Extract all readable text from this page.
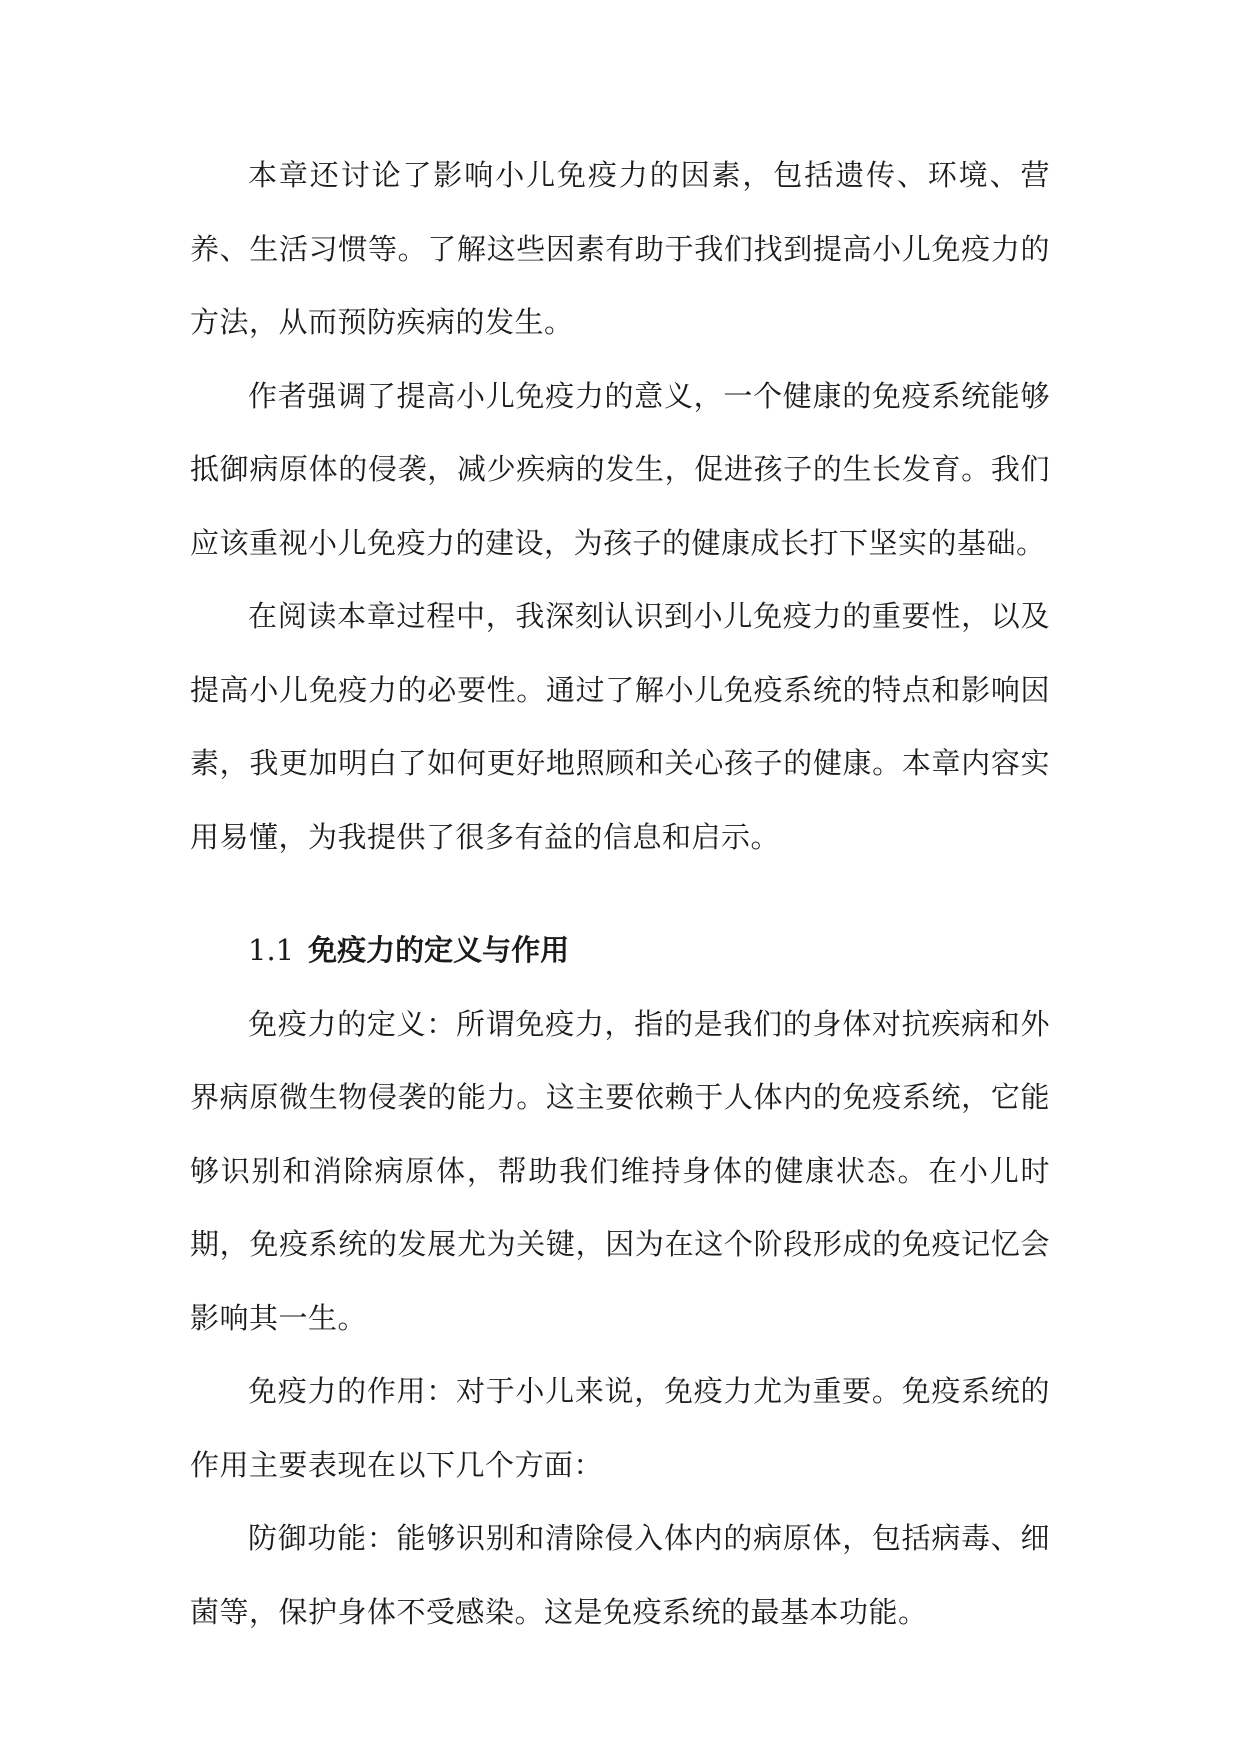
本章还讨论了影响小儿免疫力的因素，包括遗传、环境、营养、生活习惯等。了解这些因素有助于我们找到提高小儿免疫力的方法，从而预防疾病的发生。

作者强调了提高小儿免疫力的意义，一个健康的免疫系统能够抵御病原体的侵袭，减少疾病的发生，促进孩子的生长发育。我们应该重视小儿免疫力的建设，为孩子的健康成长打下坚实的基础。

在阅读本章过程中，我深刻认识到小儿免疫力的重要性，以及提高小儿免疫力的必要性。通过了解小儿免疫系统的特点和影响因素，我更加明白了如何更好地照顾和关心孩子的健康。本章内容实用易懂，为我提供了很多有益的信息和启示。

1.1 免疫力的定义与作用

免疫力的定义：所谓免疫力，指的是我们的身体对抗疾病和外界病原微生物侵袭的能力。这主要依赖于人体内的免疫系统，它能够识别和消除病原体，帮助我们维持身体的健康状态。在小儿时期，免疫系统的发展尤为关键，因为在这个阶段形成的免疫记忆会影响其一生。

免疫力的作用：对于小儿来说，免疫力尤为重要。免疫系统的作用主要表现在以下几个方面：

防御功能：能够识别和清除侵入体内的病原体，包括病毒、细菌等，保护身体不受感染。这是免疫系统的最基本功能。
